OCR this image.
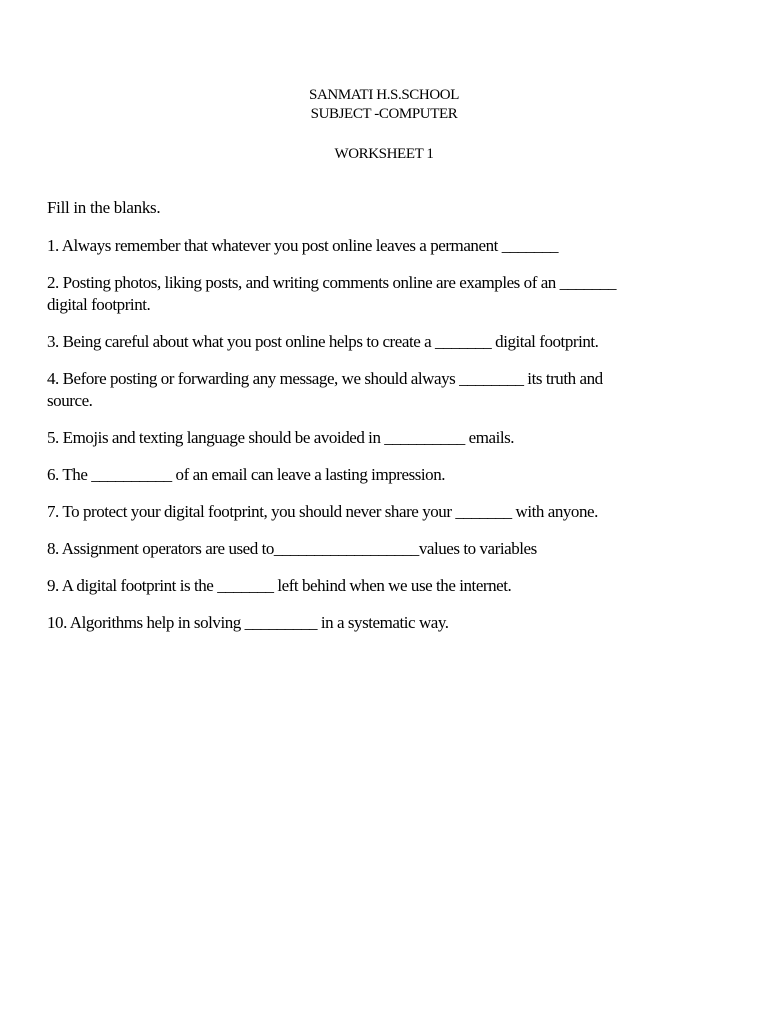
SANMATI H.S.SCHOOL
SUBJECT -COMPUTER
WORKSHEET 1
Fill in the blanks.
1. Always remember that whatever you post online leaves a permanent _______
2. Posting photos, liking posts, and writing comments online are examples of an _______ digital footprint.
3. Being careful about what you post online helps to create a _______ digital footprint.
4. Before posting or forwarding any message, we should always ________ its truth and source.
5. Emojis and texting language should be avoided in __________ emails.
6. The __________ of an email can leave a lasting impression.
7. To protect your digital footprint, you should never share your _______ with anyone.
8. Assignment operators are used to__________________values to variables
9. A digital footprint is the _______ left behind when we use the internet.
10. Algorithms help in solving _________ in a systematic way.
